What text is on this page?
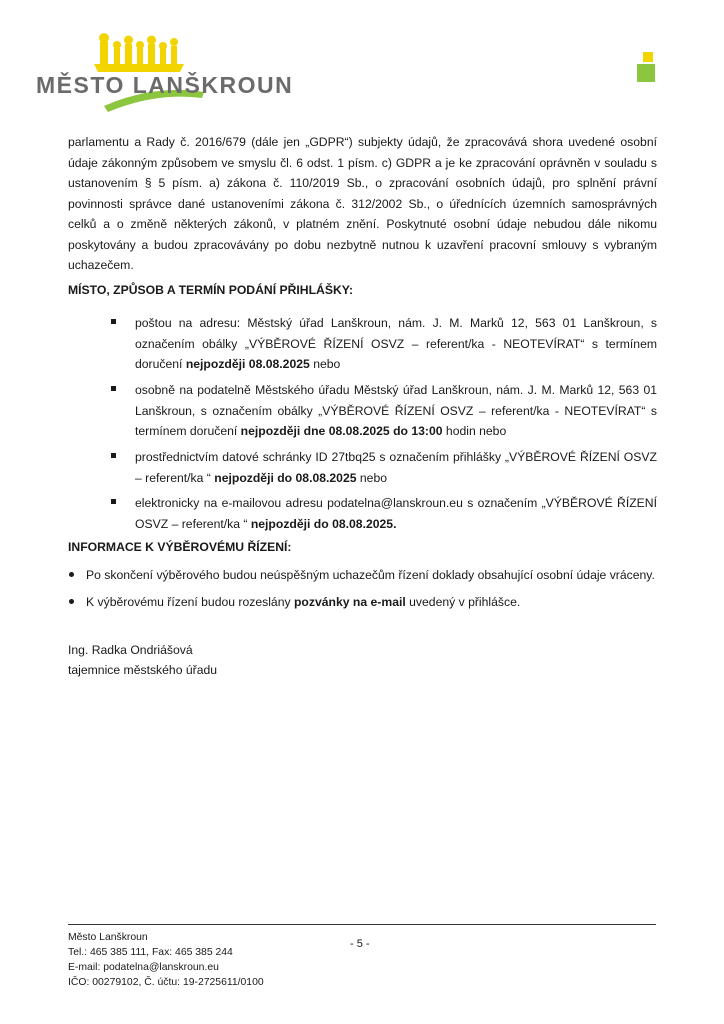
MĚSTO LANŠKROUN
parlamentu a Rady č. 2016/679 (dále jen „GDPR“) subjekty údajů, že zpracovává shora uvedené osobní údaje zákonným způsobem ve smyslu čl. 6 odst. 1 písm. c) GDPR a je ke zpracování oprávněn v souladu s ustanovením § 5 písm. a) zákona č. 110/2019 Sb., o zpracování osobních údajů, pro splnění právní povinnosti správce dané ustanoveními zákona č. 312/2002 Sb., o úřednících územních samosprávných celků a o změně některých zákonů, v platném znění. Poskytnuté osobní údaje nebudou dále nikomu poskytovány a budou zpracovávány po dobu nezbytně nutnou k uzavření pracovní smlouvy s vybraným uchazečem.
MÍSTO, ZPŮSOB A TERMÍN PODÁNÍ PŘIHLÁŠKY:
poštou na adresu: Městský úřad Lanškroun, nám. J. M. Marků 12, 563 01 Lanškroun, s označením obálky „VÝBĚROVÉ ŘÍZENÍ OSVZ – referent/ka - NEOTEVÍRAT“ s termínem doručení nejpozději 08.08.2025 nebo
osobně na podatelně Městského úřadu Městský úřad Lanškroun, nám. J. M. Marků 12, 563 01 Lanškroun, s označením obálky „VÝBĚROVÉ ŘÍZENÍ OSVZ – referent/ka - NEOTEVÍRAT“ s termínem doručení nejpozději dne 08.08.2025 do 13:00 hodin nebo
prostřednictvím datové schránky ID 27tbq25 s označením přihlášky „VÝBĚROVÉ ŘÍZENÍ OSVZ – referent/ka “ nejpozději do 08.08.2025 nebo
elektronicky na e-mailovou adresu podatelna@lanskroun.eu s označením „VÝBĚROVÉ ŘÍZENÍ OSVZ – referent/ka “ nejpozději do 08.08.2025.
INFORMACE K VÝBĚROVÉMU ŘÍZENÍ:
Po skončení výběrového budou neúspěšným uchazečům řízení doklady obsahující osobní údaje vráceny.
K výběrovému řízení budou rozeslány pozvánky na e-mail uvedený v přihlášce.
Ing. Radka Ondriášová
tajemnice městského úřadu
Město Lanškroun
Tel.: 465 385 111, Fax: 465 385 244
E-mail: podatelna@lanskroun.eu
IČO: 00279102, Č. účtu: 19-2725611/0100
- 5 -
